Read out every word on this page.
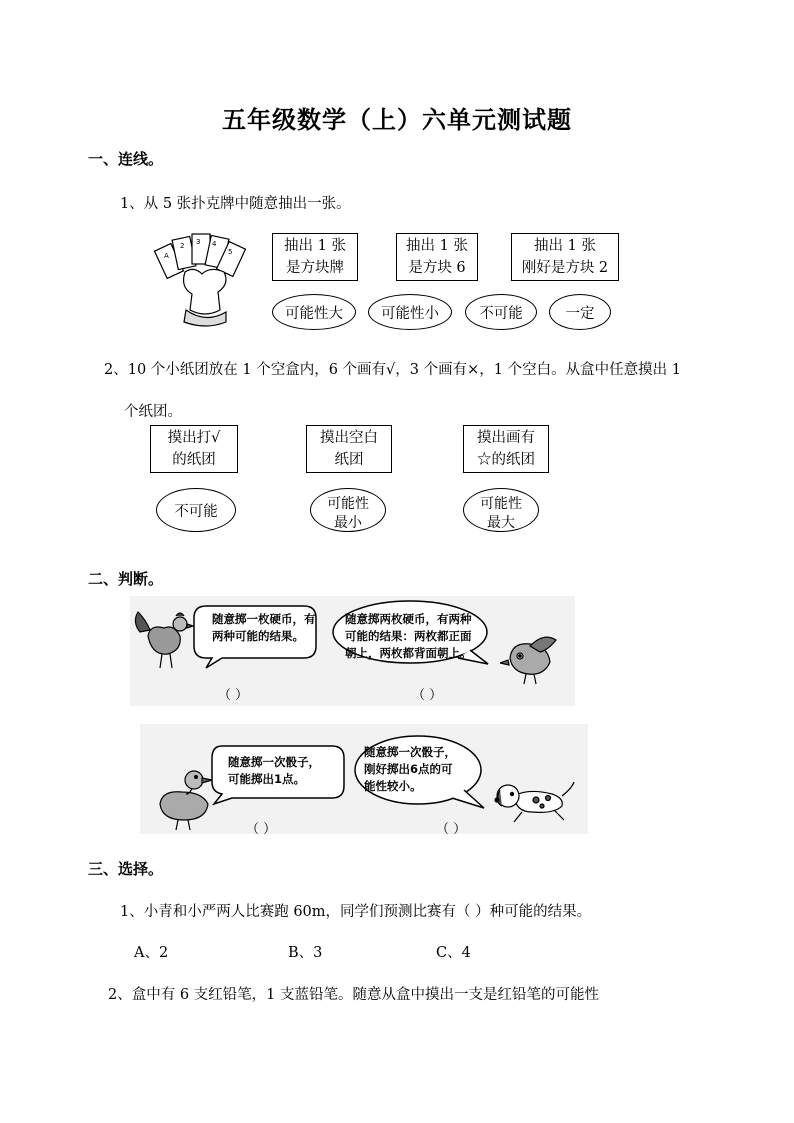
五年级数学（上）六单元测试题
一、连线。
1、从 5 张扑克牌中随意抽出一张。
A
2 3 4
5	抽出 1 张
是方块牌
抽出 1 张
是方块 6
抽出 1 张
刚好是方块 2
可能性大	可能性小	不可能	一定
2、10 个小纸团放在 1 个空盒内，6 个画有√，3 个画有×，1 个空白。从盒中任意摸出 1
个纸团。
摸出打√
的纸团
摸出空白
纸团
摸出画有
☆的纸团
不可能	可能性
最小
可能性
最大
二、判断。
随意掷一枚硬币，有
两种可能的结果。
随意掷两枚硬币，有两种
可能的结果：两枚都正面
朝上，两枚都背面朝上。
（ ）	（ ）
随意掷一次骰子，
可能掷出1点。
随意掷一次骰子，
刚好掷出6点的可
能性较小。
（ ）	（ ）
三、选择。
1、小青和小严两人比赛跑 60m，同学们预测比赛有（ ）种可能的结果。
A、2	B、3	C、4
2、盒中有 6 支红铅笔，1 支蓝铅笔。随意从盒中摸出一支是红铅笔的可能性
